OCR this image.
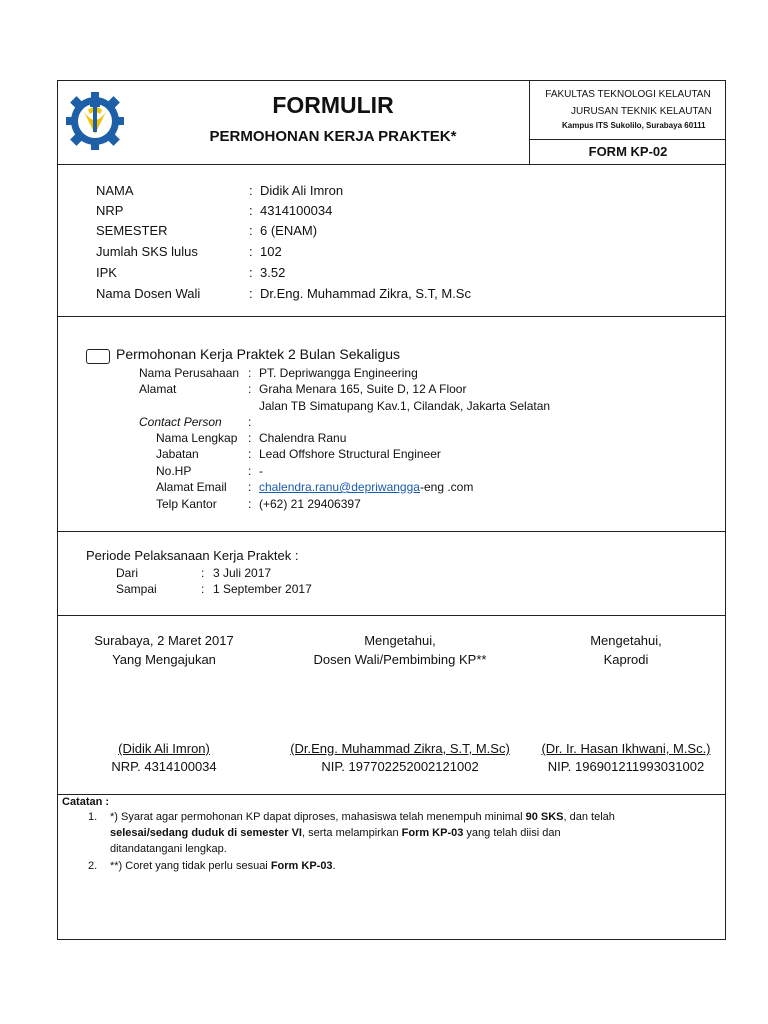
FORMULIR
PERMOHONAN KERJA PRAKTEK*
FAKULTAS TEKNOLOGI KELAUTAN
JURUSAN TEKNIK KELAUTAN
Kampus ITS Sukolilo, Surabaya 60111
FORM KP-02
NAMA	: Didik Ali Imron
NRP	: 4314100034
SEMESTER	: 6 (ENAM)
Jumlah SKS lulus	: 102
IPK	: 3.52
Nama Dosen Wali	: Dr.Eng. Muhammad Zikra, S.T, M.Sc
Permohonan Kerja Praktek 2 Bulan Sekaligus
Nama Perusahaan : PT. Depriwangga Engineering
Alamat	: Graha Menara 165, Suite D, 12 A Floor
Jalan TB Simatupang Kav.1, Cilandak, Jakarta Selatan
Contact Person :
Nama Lengkap : Chalendra Ranu
Jabatan	: Lead Offshore Structural Engineer
No.HP	: -
Alamat Email : chalendra.ranu@depriwangga-eng .com
Telp Kantor	: (+62) 21 29406397
Periode Pelaksanaan Kerja Praktek :
Dari	: 3 Juli 2017
Sampai	: 1 September 2017
Surabaya, 2 Maret 2017
Yang Mengajukan
(Didik Ali Imron)
NRP. 4314100034
Mengetahui,
Dosen Wali/Pembimbing KP**
(Dr.Eng. Muhammad Zikra, S.T, M.Sc)
NIP. 197702252002121002
Mengetahui,
Kaprodi
(Dr. Ir. Hasan Ikhwani, M.Sc.)
NIP. 196901211993031002
Catatan :
1. *) Syarat agar permohonan KP dapat diproses, mahasiswa telah menempuh minimal 90 SKS, dan telah
selesai/sedang duduk di semester VI, serta melampirkan Form KP-03 yang telah diisi dan
ditandatangani lengkap.
2. **) Coret yang tidak perlu sesuai Form KP-03.
